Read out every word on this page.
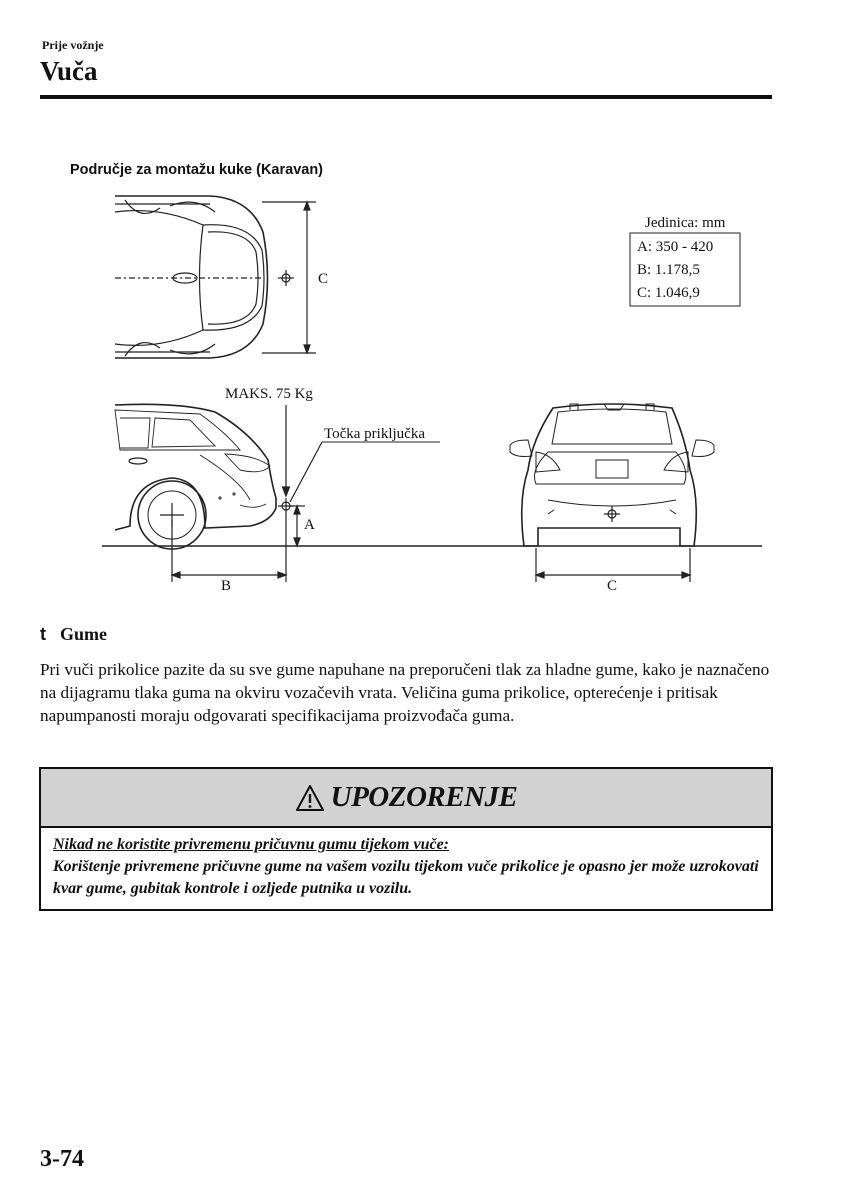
Prije vožnje
Vuča
Područje za montažu kuke (Karavan)
C
Jedinica: mm
A: 350 - 420
B: 1.178,5
C: 1.046,9
MAKS. 75 Kg
Točka priključka
A
B	C
t Gume

Pri vuči prikolice pazite da su sve gume napuhane na preporučeni tlak za hladne gume, kako je naznačeno na dijagramu tlaka guma na okviru vozačevih vrata. Veličina guma prikolice, opterećenje i pritisak napumpanosti moraju odgovarati specifikacijama proizvođača guma.

UPOZORENJE
Nikad ne koristite privremenu pričuvnu gumu tijekom vuče:
Korištenje privremene pričuvne gume na vašem vozilu tijekom vuče prikolice je opasno jer može uzrokovati kvar gume, gubitak kontrole i ozljede putnika u vozilu.
3-74
